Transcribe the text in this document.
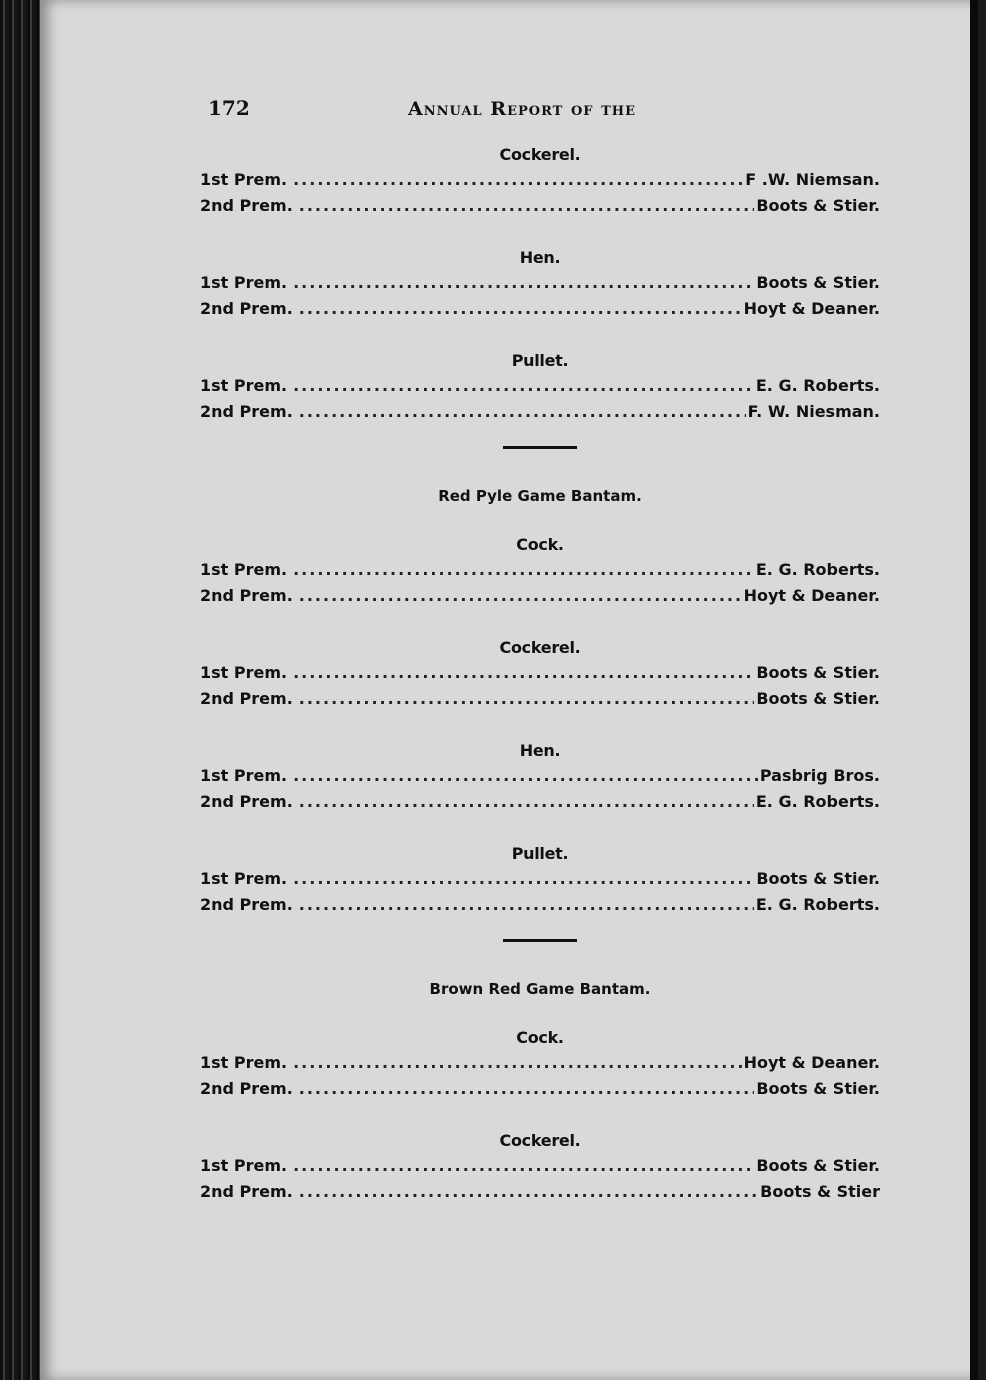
172	Annual Report of the
Cockerel.
1st Prem. .....	F .W. Niemsan.
2nd Prem. .....	Boots & Stier.
Hen.
1st Prem. .....	Boots & Stier.
2nd Prem. .....	Hoyt & Deaner.
Pullet.
1st Prem. .....	E. G. Roberts.
2nd Prem. .....	F. W. Niesman.
Red Pyle Game Bantam.
Cock.
1st Prem. .....	E. G. Roberts.
2nd Prem. .....	Hoyt & Deaner.
Cockerel.
1st Prem. .....	Boots & Stier.
2nd Prem. .....	Boots & Stier.
Hen.
1st Prem. .....	Pasbrig Bros.
2nd Prem. .....	E. G. Roberts.
Pullet.
1st Prem. .....	Boots & Stier.
2nd Prem. .....	E. G. Roberts.
Brown Red Game Bantam.
Cock.
1st Prem. .....	Hoyt & Deaner.
2nd Prem. .....	Boots & Stier.
Cockerel.
1st Prem. .....	Boots & Stier.
2nd Prem. .....	Boots & Stier
